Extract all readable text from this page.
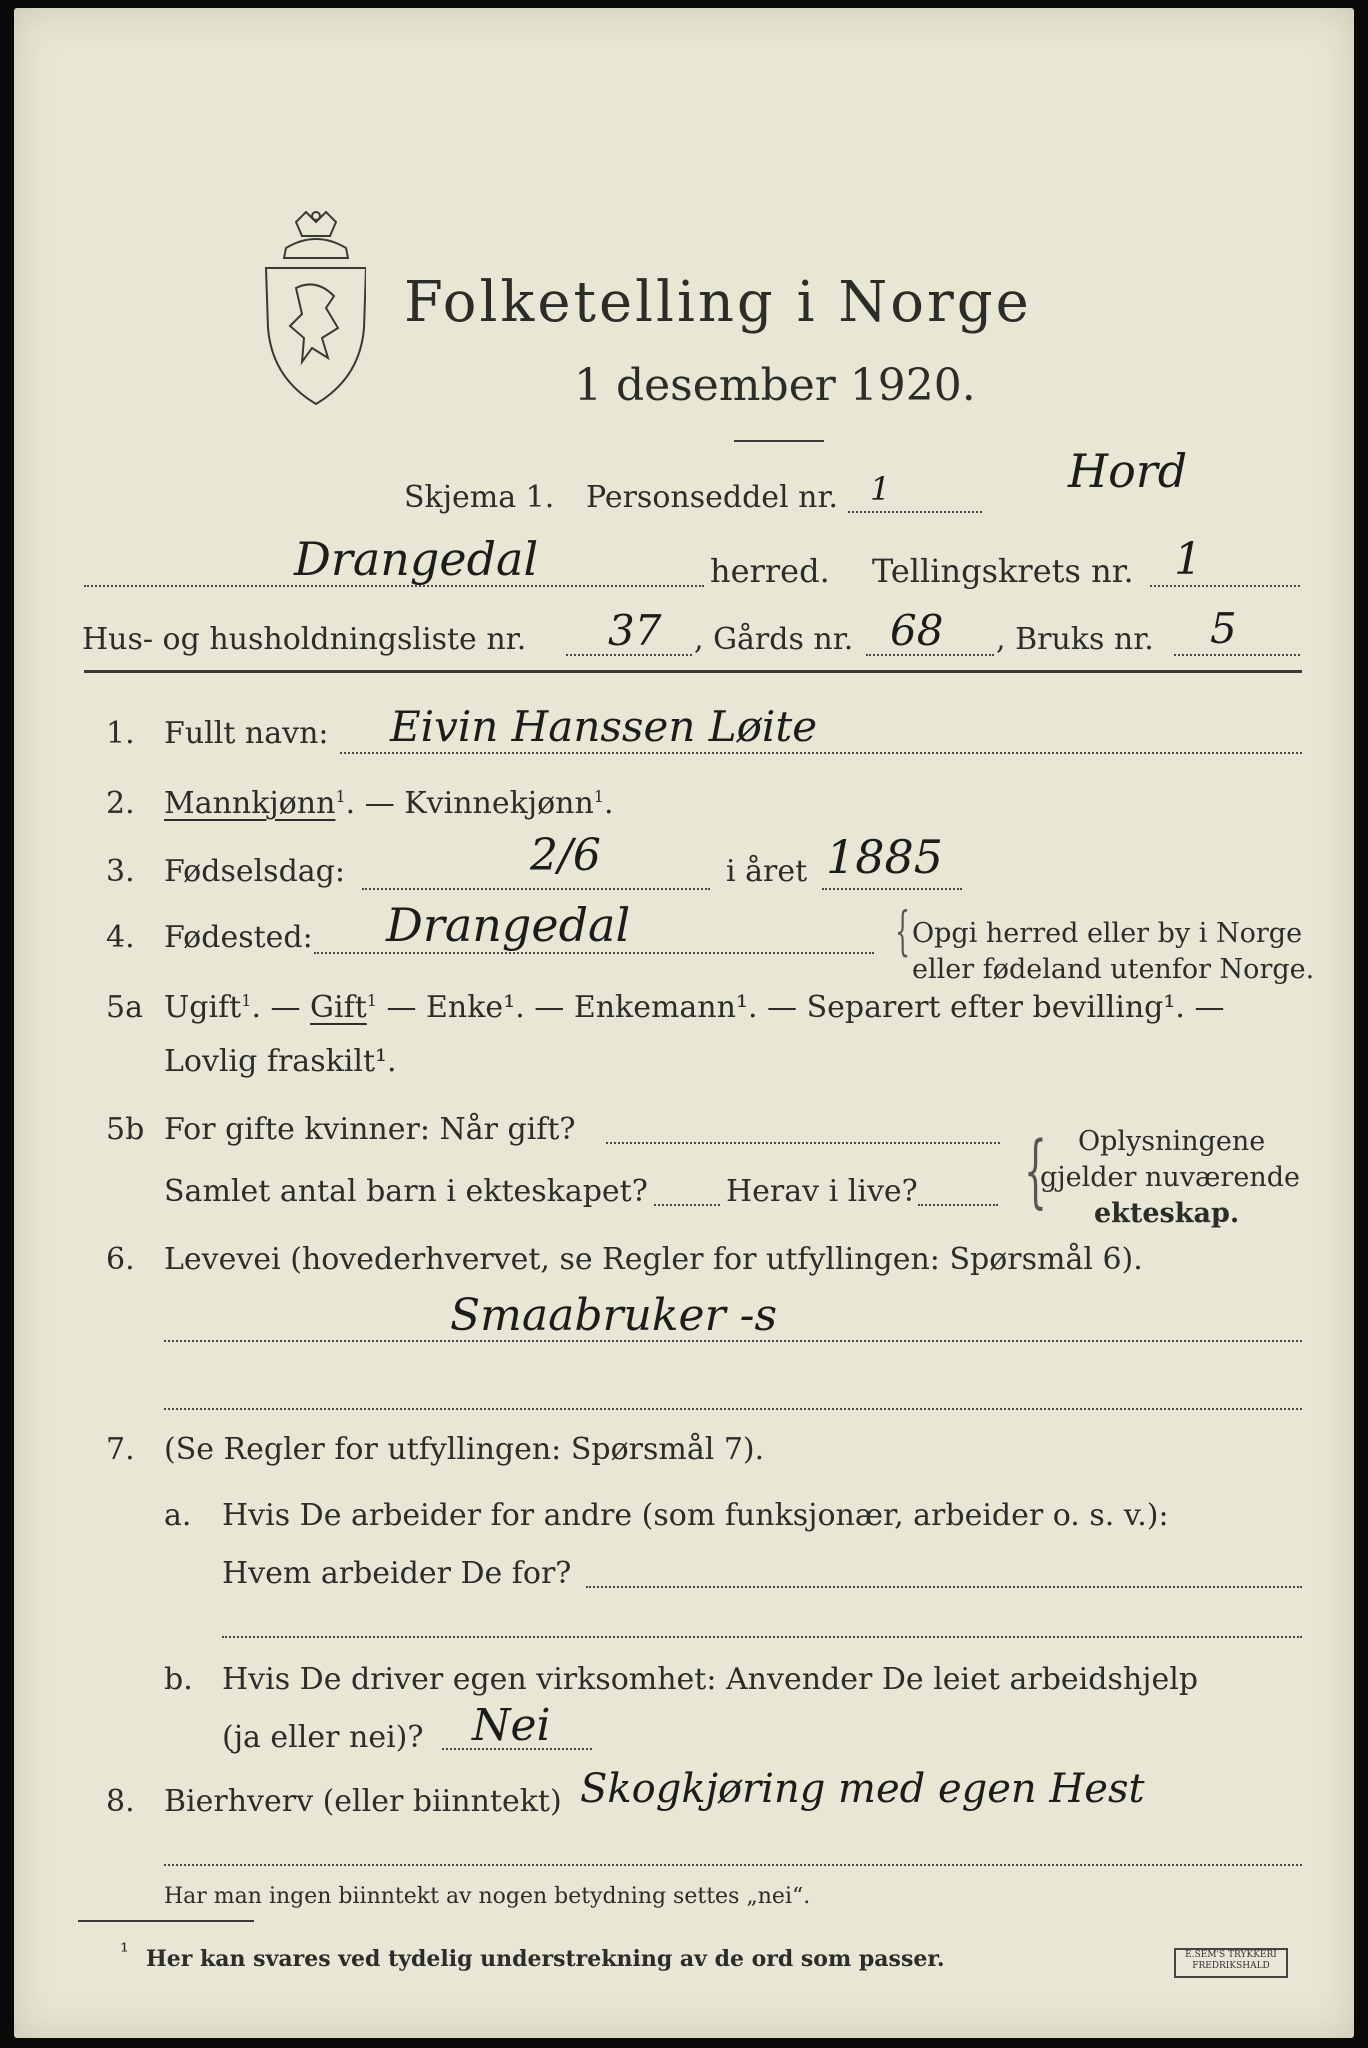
Folketelling i Norge
1 desember 1920.
Skjema 1. Personseddel nr. 1	Hord
Drangedal	herred. Tellingskrets nr. 1
Hus- og husholdningsliste nr. 37 , Gårds nr. 68 , Bruks nr. 5
1. Fullt navn: Eivin Hanssen Løite
2. Mannkjønn$^1$. — Kvinnekjønn$^1$.
3. Fødselsdag:	2/6	i året 1885
4. Fødested: Drangedal	{ Opgi herred eller by i Norge
eller fødeland utenfor Norge.
5a Ugift$^1$. — Gift$^1$ — Enke¹. — Enkemann¹. — Separert efter bevilling¹. —
Lovlig fraskilt¹.
5b For gifte kvinner: Når gift?
Samlet antal barn i ekteskapet?	Herav i live? { Oplysningene
gjelder nuværende
ekteskap.
6. Levevei (hovederhvervet, se Regler for utfyllingen: Spørsmål 6).
Smaabruker -s
7. (Se Regler for utfyllingen: Spørsmål 7).
a. Hvis De arbeider for andre (som funksjonær, arbeider o. s. v.):
Hvem arbeider De for?
b. Hvis De driver egen virksomhet: Anvender De leiet arbeidshjelp
(ja eller nei)? Nei
8. Bierhverv (eller biinntekt) Skogkjøring med egen Hest
Har man ingen biinntekt av nogen betydning settes „nei“.
¹ Her kan svares ved tydelig understrekning av de ord som passer.	E.SEM'S TRYKKERI
FREDRIKSHALD
